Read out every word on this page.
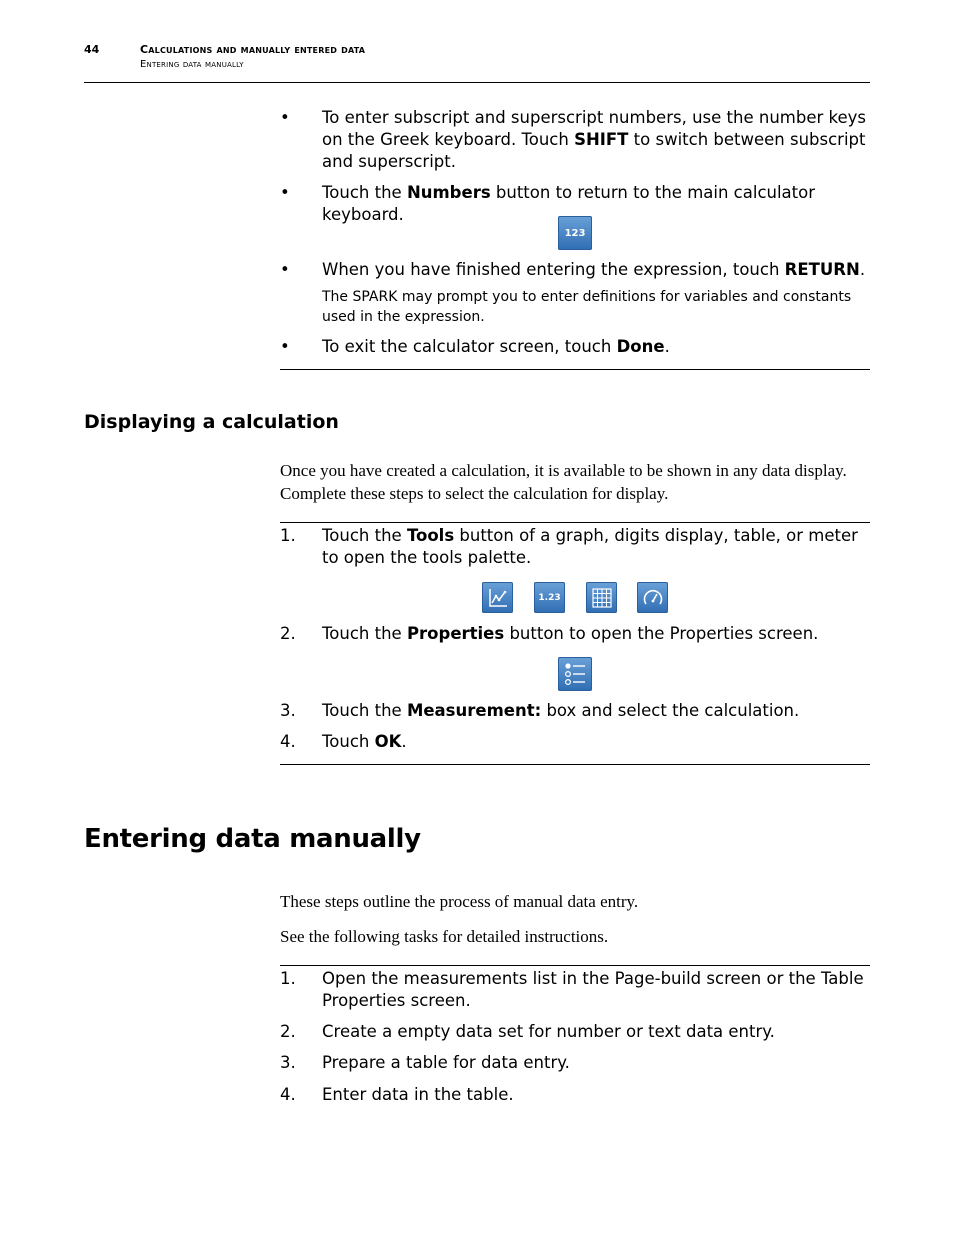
44	Calculations and manually entered data
Entering data manually
• To enter subscript and superscript numbers, use the number keys on the Greek keyboard. Touch SHIFT to switch between subscript and superscript.
• Touch the Numbers button to return to the main calculator keyboard.
123
• When you have finished entering the expression, touch RETURN.
The SPARK may prompt you to enter definitions for variables and constants used in the expression.
• To exit the calculator screen, touch Done.
Displaying a calculation
Once you have created a calculation, it is available to be shown in any data display. Complete these steps to select the calculation for display.
1. Touch the Tools button of a graph, digits display, table, or meter to open the tools palette.
1.23
2. Touch the Properties button to open the Properties screen.
3. Touch the Measurement: box and select the calculation.
4. Touch OK.
Entering data manually
These steps outline the process of manual data entry.
See the following tasks for detailed instructions.
1. Open the measurements list in the Page-build screen or the Table Properties screen.
2. Create a empty data set for number or text data entry.
3. Prepare a table for data entry.
4. Enter data in the table.
